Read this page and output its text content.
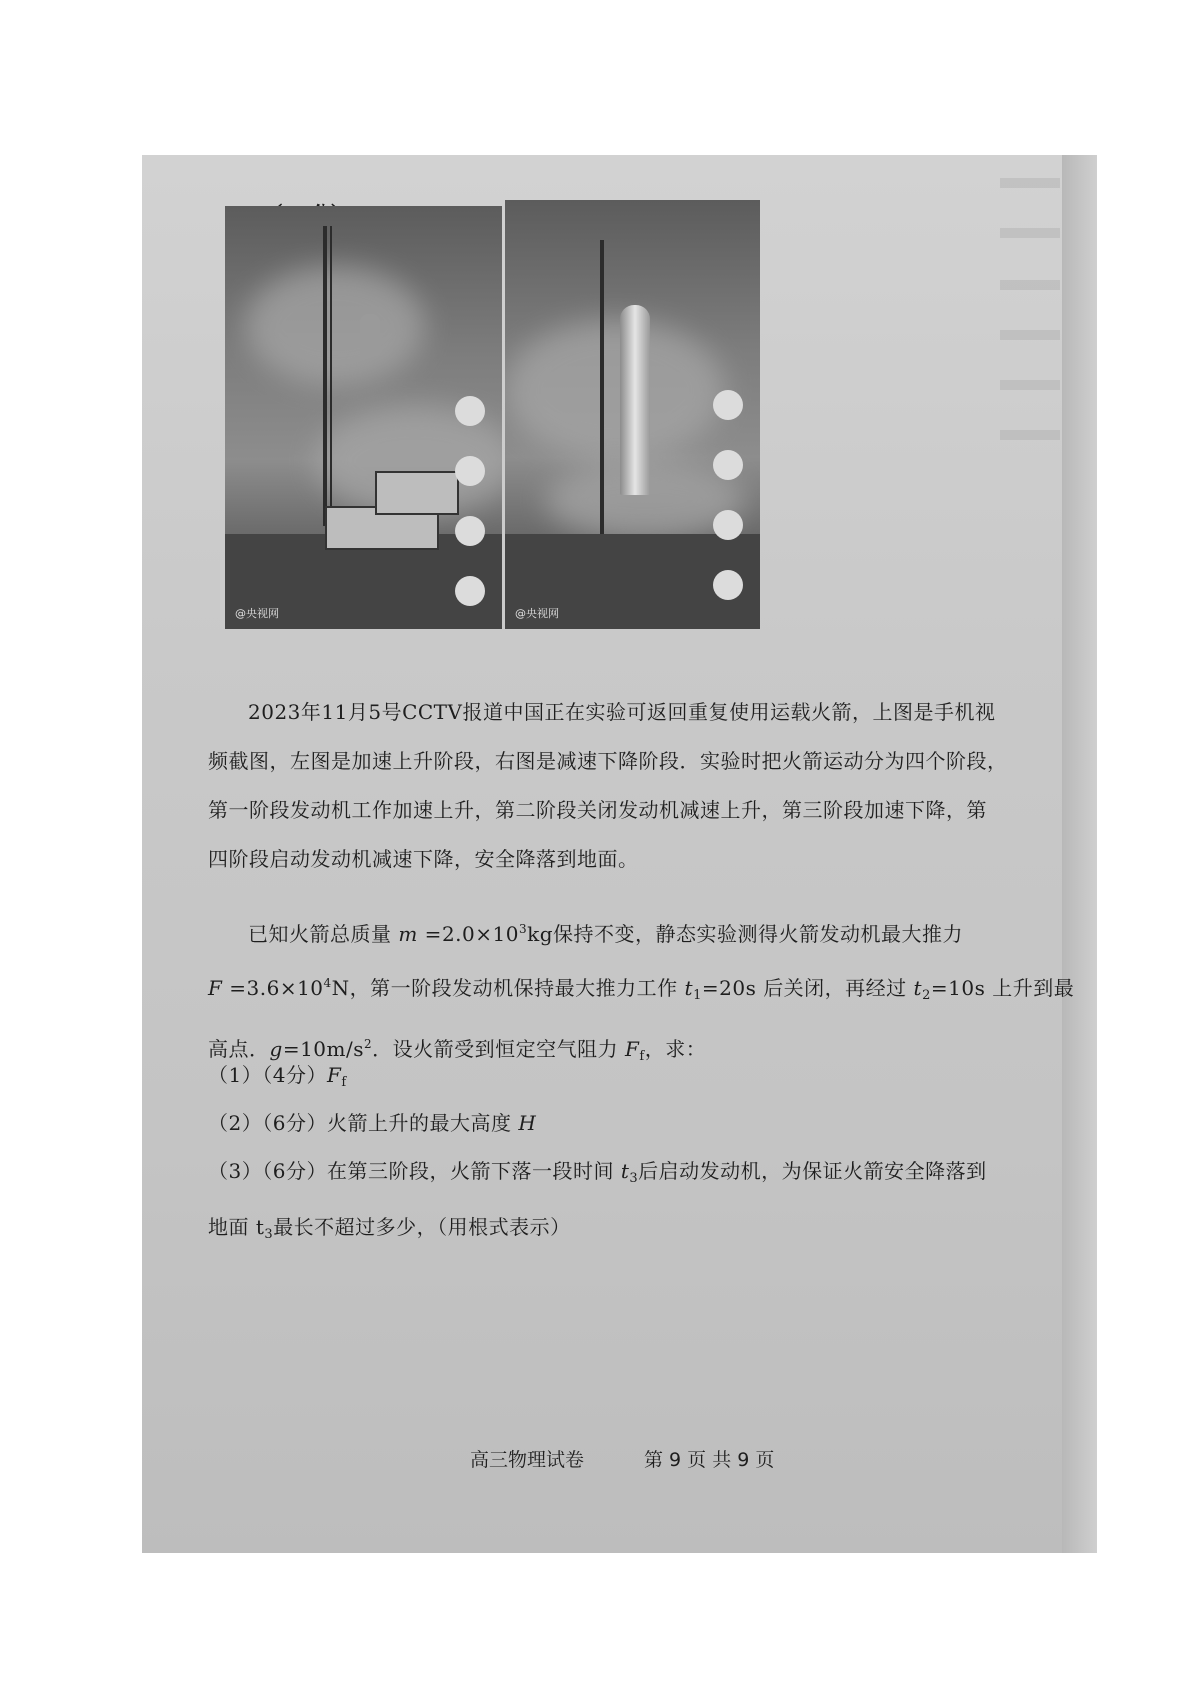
@央视网	@央视网
2023年11月5号CCTV报道中国正在实验可返回重复使用运载火箭，上图是手机视
频截图，左图是加速上升阶段，右图是减速下降阶段．实验时把火箭运动分为四个阶段，
第一阶段发动机工作加速上升，第二阶段关闭发动机减速上升，第三阶段加速下降，第
四阶段启动发动机减速下降，安全降落到地面。
已知火箭总质量 $m =2.0\times 10^3kg$保持不变，静态实验测得火箭发动机最大推力
$F =3.6\times 10^4N$，第一阶段发动机保持最大推力工作 $t_1=20s$ 后关闭，再经过 $t_2=10s$ 上升到最
高点．$g=10m/s^2$．设火箭受到恒定空气阻力 $F_f$，求：
（1）（4分）$F_f$
（2）（6分）火箭上升的最大高度 H
（3）（6分）在第三阶段，火箭下落一段时间 $t_3$后启动发动机，为保证火箭安全降落到
地面 $t_3$最长不超过多少，（用根式表示）
高三物理试卷	第 9 页 共 9 页
